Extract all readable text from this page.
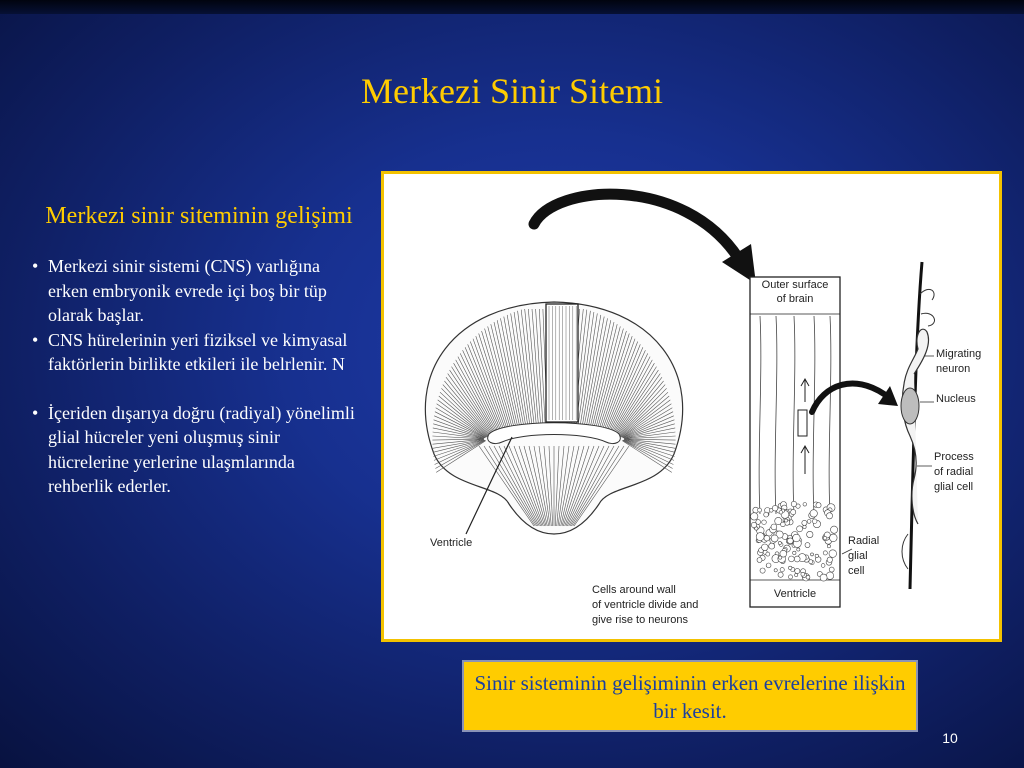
Merkezi Sinir Sitemi
Merkezi sinir siteminin gelişimi
• Merkezi sinir sistemi (CNS) varlığına erken embryonik evrede içi boş bir tüp olarak başlar.
• CNS hürelerinin yeri fiziksel ve kimyasal faktörlerin birlikte etkileri ile belrlenir. N
• İçeriden dışarıya doğru (radiyal) yönelimli glial hücreler yeni oluşmuş sinir hücrelerine yerlerine ulaşmlarında rehberlik ederler.
Outer surface
of brain
Ventricle
Ventricle
Cells around wall
of ventricle divide and
give rise to neurons
Radial
glial
cell
Migrating
neuron
Nucleus
Process
of radial
glial cell
Sinir sisteminin gelişiminin erken evrelerine ilişkin bir kesit.
10
